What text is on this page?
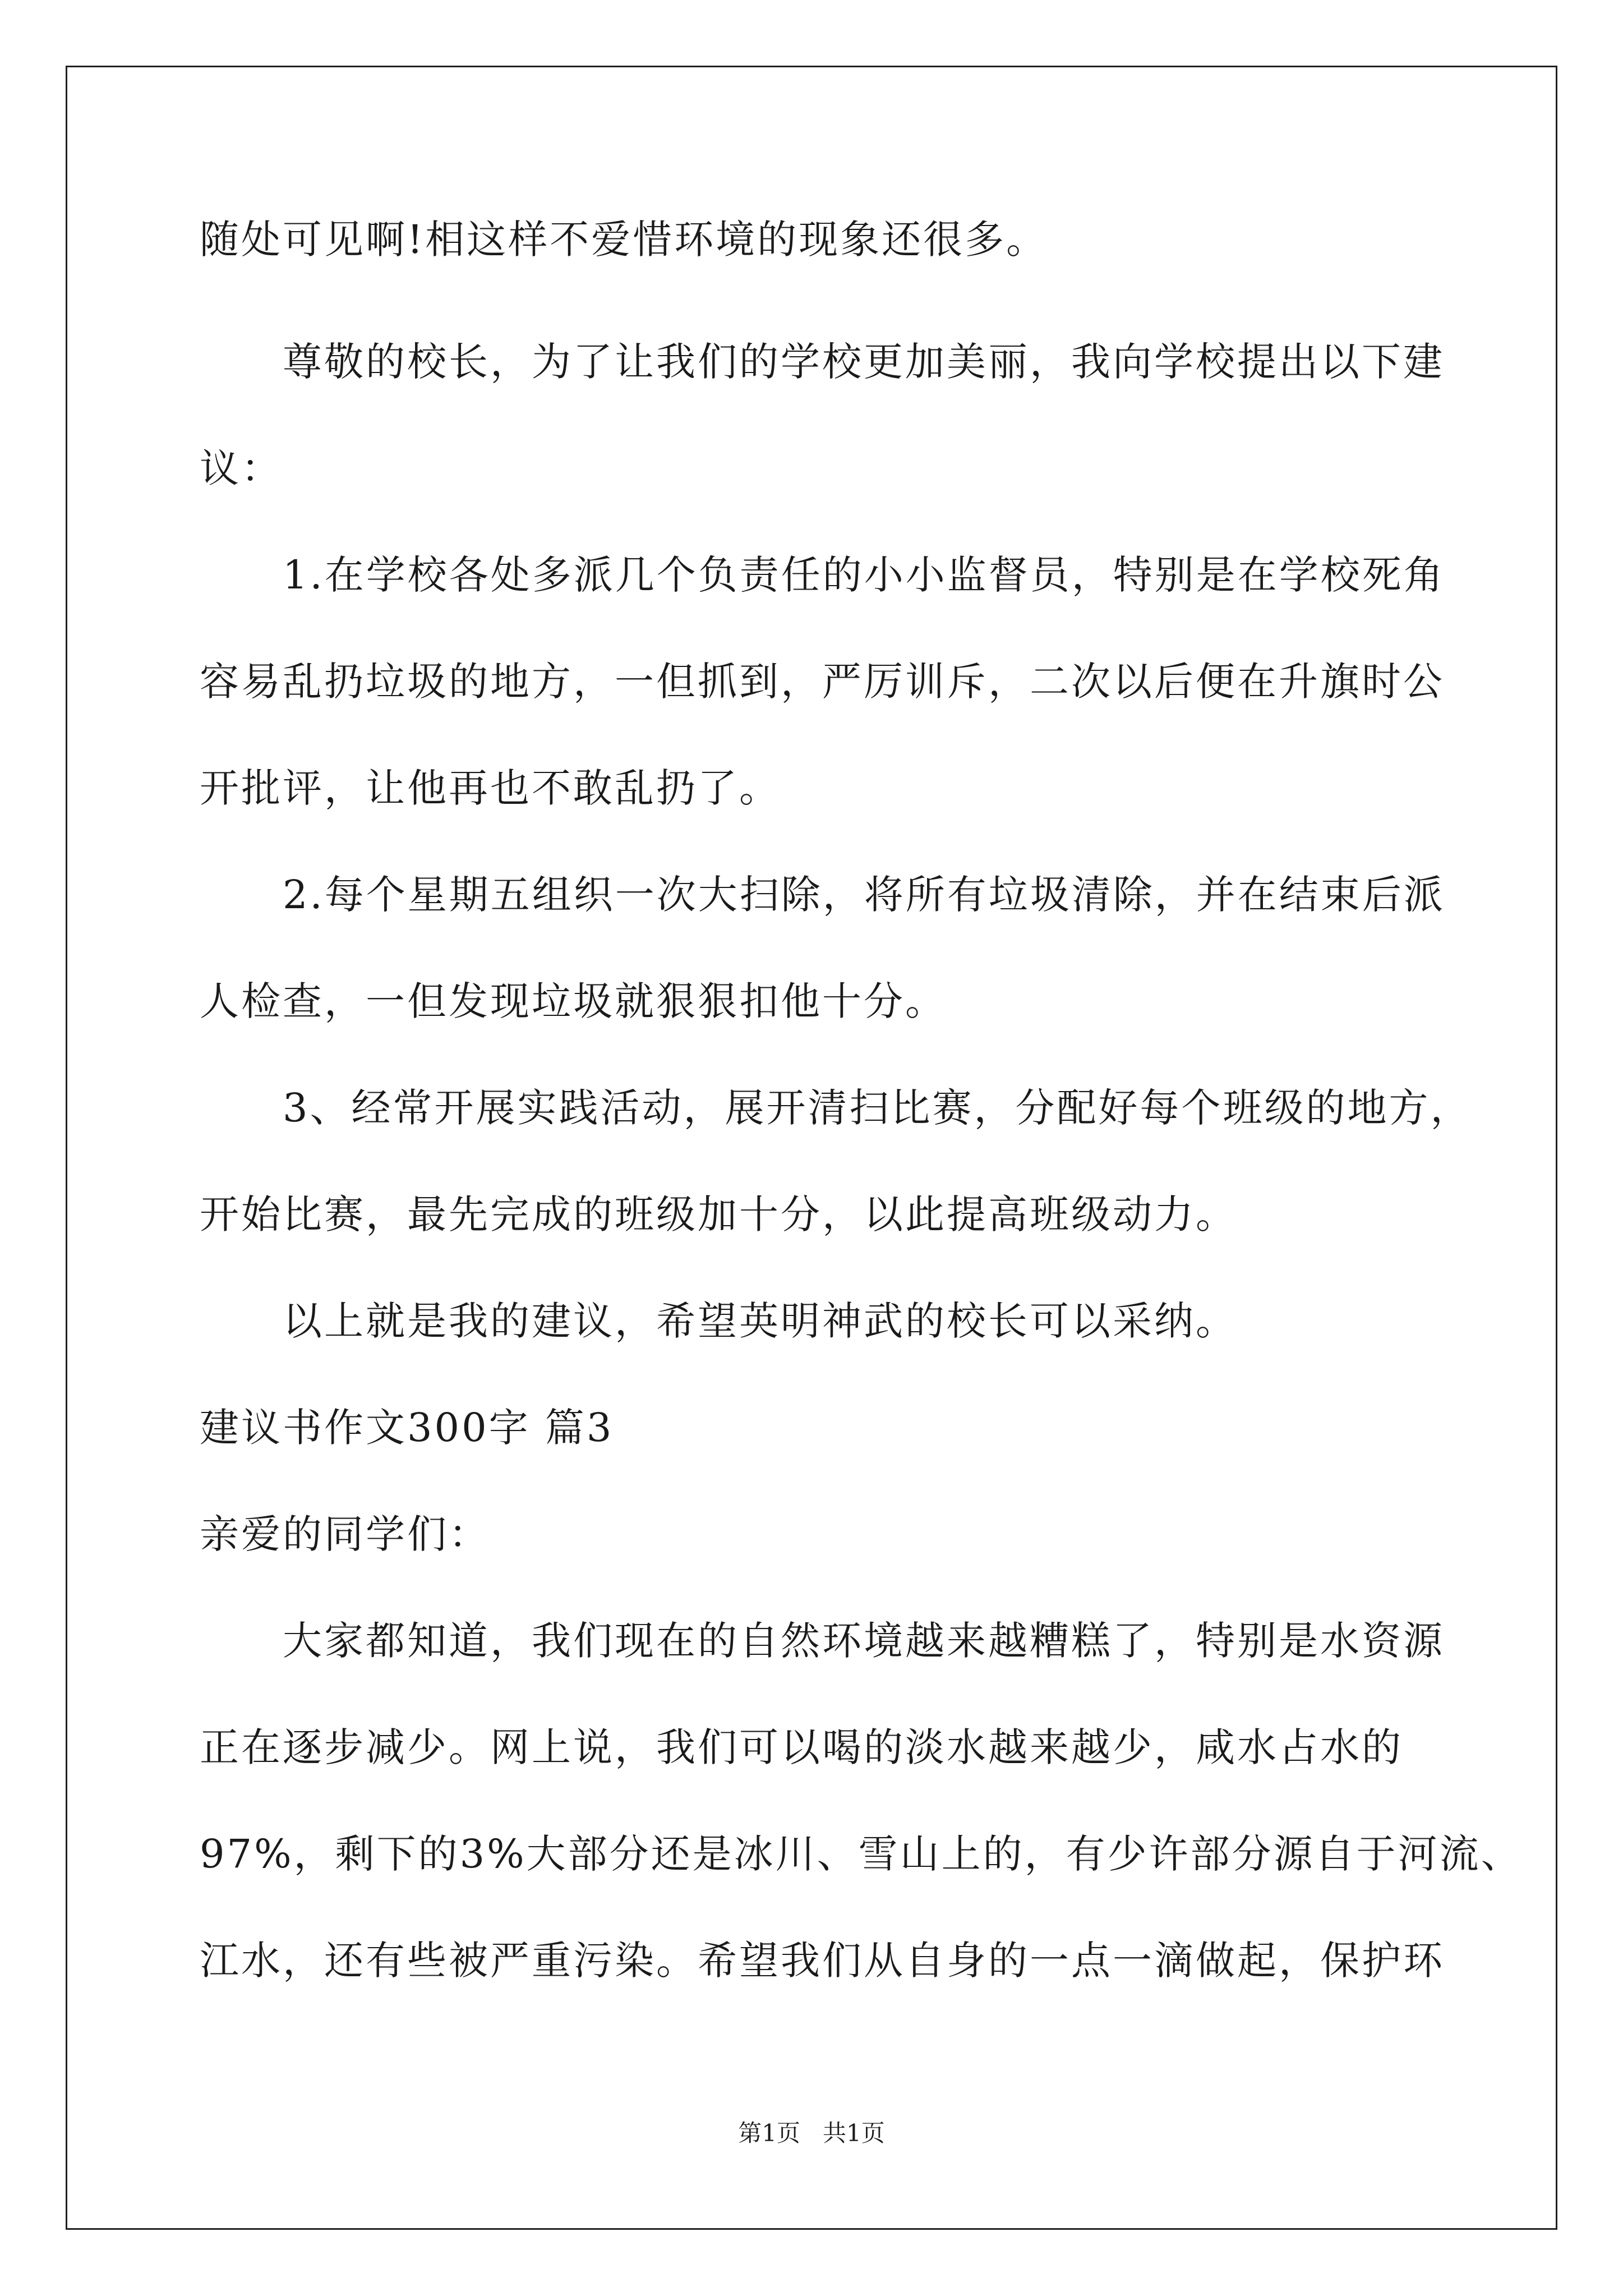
随处可见啊!相这样不爱惜环境的现象还很多。
尊敬的校长，为了让我们的学校更加美丽，我向学校提出以下建
议：
1.在学校各处多派几个负责任的小小监督员，特别是在学校死角
容易乱扔垃圾的地方，一但抓到，严厉训斥，二次以后便在升旗时公
开批评，让他再也不敢乱扔了。
2.每个星期五组织一次大扫除，将所有垃圾清除，并在结束后派
人检查，一但发现垃圾就狠狠扣他十分。
3、经常开展实践活动，展开清扫比赛，分配好每个班级的地方，
开始比赛，最先完成的班级加十分，以此提高班级动力。
以上就是我的建议，希望英明神武的校长可以采纳。
建议书作文300字 篇3
亲爱的同学们：
大家都知道，我们现在的自然环境越来越糟糕了，特别是水资源
正在逐步减少。网上说，我们可以喝的淡水越来越少，咸水占水的
97%，剩下的3%大部分还是冰川、雪山上的，有少许部分源自于河流、
江水，还有些被严重污染。希望我们从自身的一点一滴做起，保护环
第1页   共1页
